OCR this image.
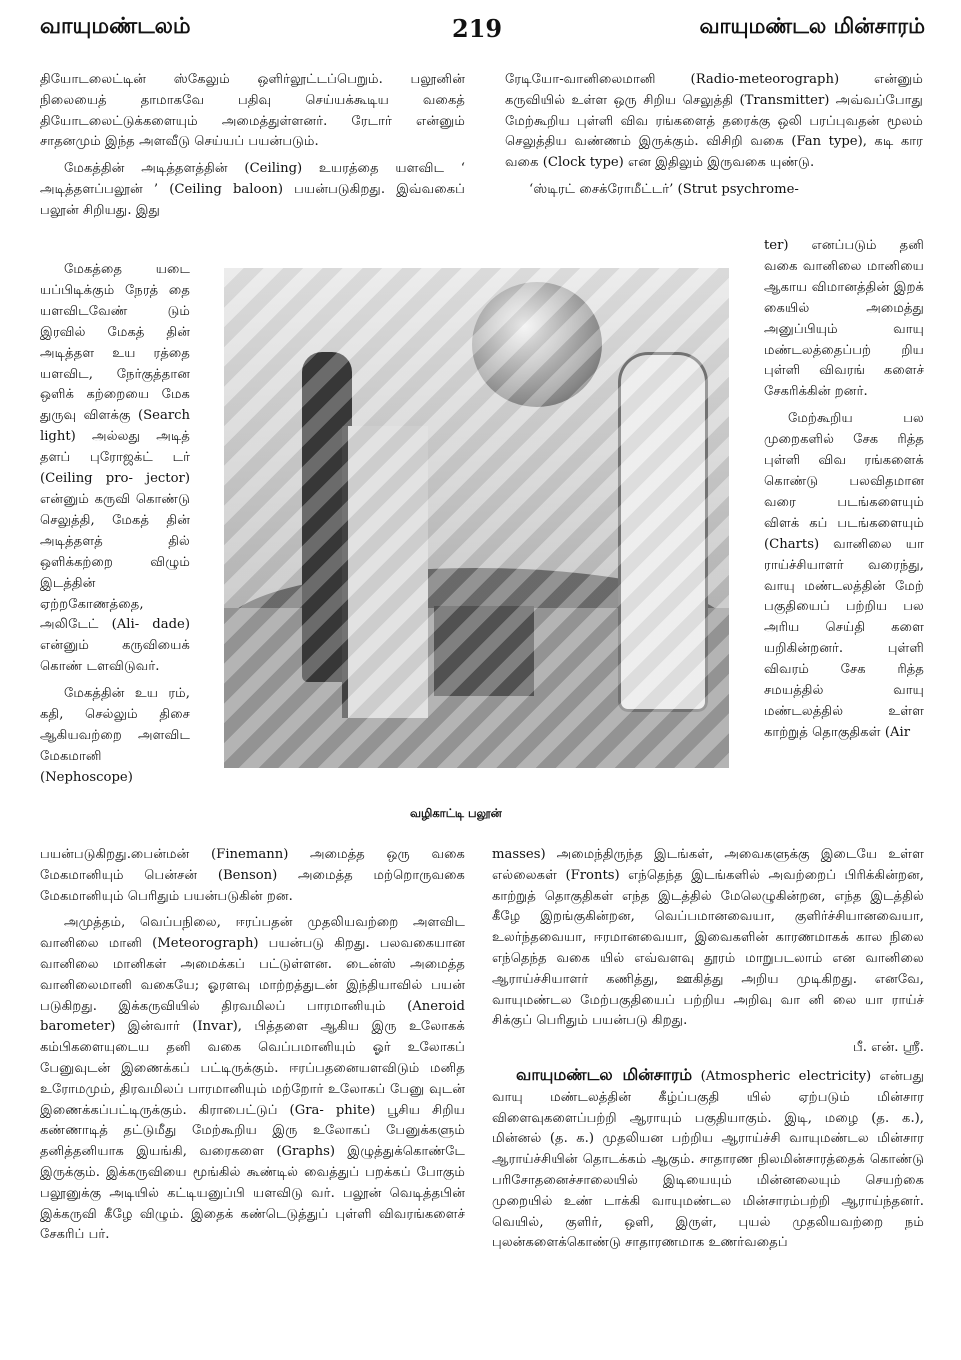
வாயுமண்டலம்	219	வாயுமண்டல மின்சாரம்

தியோடலைட்டின் ஸ்கேலும் ஒளிர்லூட்டப்பெறும். பலூனின் நிலையைத் தாமாகவே பதிவு செய்யக்கூடிய வகைத் தியோடலைட்டுக்களையும் அமைத்துள்ளனர். ரேடார் என்னும் சாதனமும் இந்த அளவீடு செய்யப் பயன்படும்.

மேகத்தின் அடித்தளத்தின் (Ceiling) உயரத்தை யளவிட ‘ அடித்தளப்பலூன் ’ (Ceiling baloon) பயன்படுகிறது. இவ்வகைப் பலூன் சிறியது. இது

மேகத்தை யடை யப்பிடிக்கும் நேரத் தை யளவிடவேண் டும் இரவில் மேகத் தின் அடித்தள உய ரத்தை யளவிட, நேர்குத்தான ஒளிக் கற்றையை மேக துருவு விளக்கு (Search light) அல்லது அடித் தளப் புரோஜக்ட் டர் (Ceiling pro- jector) என்னும் கருவி கொண்டு செலுத்தி, மேகத் தின் அடித்தளத் தில் ஒளிக்கற்றை விழும் இடத்தின் ஏற்றகோணத்தை, அலிடேட் (Ali- dade) என்னும் கருவியைக் கொண் டளவிடுவர்.

மேகத்தின் உய ரம், கதி, செல்லும் திசை ஆகியவற்றை அளவிட மேகமானி (Nephoscope)

வழிகாட்டி பலூன்

பயன்படுகிறது.பைன்மன் (Finemann) அமைத்த ஒரு வகை மேகமானியும் பென்சன் (Benson) அமைத்த மற்றொருவகை மேகமானியும் பெரிதும் பயன்படுகின் றன.

அமுத்தம், வெப்பநிலை, ஈரப்பதன் முதலியவற்றை அளவிட வானிலை மானி (Meteorograph) பயன்படு கிறது. பலவகையான வானிலை மானிகள் அமைக்கப் பட்டுள்ளன. டைன்ஸ் அமைத்த வானிலைமானி வகையே; ஓரளவு மாற்றத்துடன் இந்தியாவில் பயன் படுகிறது. இக்கருவியில் திரவமிலப் பாரமானியும் (Aneroid barometer) இன்வார் (Invar), பித்தளை ஆகிய இரு உலோகக் கம்பிகளையுடைய தனி வகை வெப்பமானியும் ஓர் உலோகப் பேனுவுடன் இணைக்கப் பட்டிருக்கும். ஈரப்பதனையளவிடும் மனித உரோமமும், திரவமிலப் பாரமானியும் மற்றோர் உலோகப் பேனு வுடன் இணைக்கப்பட்டிருக்கும். கிராபைட்டுப் (Gra- phite) பூசிய சிறிய கண்ணாடித் தட்டுமீது மேற்கூறிய இரு உலோகப் பேனுக்களும் தனித்தனியாக இயங்கி, வரைகளை (Graphs) இழுத்துக்கொண்டே இருக்கும். இக்கருவியை மூங்கில் கூண்டில் வைத்துப் பறக்கப் போகும் பலூனுக்கு அடியில் கட்டியனுப்பி யளவிடு வர். பலூன் வெடித்தபின் இக்கருவி கீழே விழும். இதைக் கண்டெடுத்துப் புள்ளி விவரங்களைச் சேகரிப் பர்.

ரேடியோ-வானிலைமானி (Radio-meteorograph) என்னும் கருவியில் உள்ள ஒரு சிறிய செலுத்தி (Transmitter) அவ்வப்போது மேற்கூறிய புள்ளி விவ ரங்களைத் தரைக்கு ஒலி பரப்புவதன் மூலம் செலுத்திய வண்ணம் இருக்கும். விசிறி வகை (Fan type), கடி கார வகை (Clock type) என இதிலும் இருவகை யுண்டு.

‘ஸ்டிரட் சைக்ரோமீட்டர்’ (Strut psychrome-

ter) எனப்படும் தனி வகை வானிலை மானியை ஆகாய விமானத்தின் இறக் கையில் அமைத்து அனுப்பியும் வாயு மண்டலத்தைப்பற் றிய புள்ளி விவரங் களைச் சேகரிக்கின் றனர்.

மேற்கூறிய பல முறைகளில் சேக ரித்த புள்ளி விவ ரங்களைக் கொண்டு பலவிதமான வரை படங்களையும் விளக் கப் படங்களையும் (Charts) வானிலை யா ராய்ச்சியாளர் வரைந்து, வாயு மண்டலத்தின் மேற் பகுதியைப் பற்றிய பல அரிய செய்தி களை யறிகின்றனர். புள்ளி விவரம் சேக ரித்த சமயத்தில் வாயு மண்டலத்தில் உள்ள காற்றுத் தொகுதிகள் (Air

masses) அமைந்திருந்த இடங்கள், அவைகளுக்கு இடையே உள்ள எல்லைகள் (Fronts) எந்தெந்த இடங்களில் அவற்றைப் பிரிக்கின்றன, காற்றுத் தொகுதிகள் எந்த இடத்தில் மேலெழுகின்றன, எந்த இடத்தில் கீழே இறங்குகின்றன, வெப்பமானவையா, குளிர்ச்சியானவையா, உலர்ந்தவையா, ஈரமானவையா, இவைகளின் காரணமாகக் கால நிலை எந்தெந்த வகை யில் எவ்வளவு தூரம் மாறுபடலாம் என வானிலை ஆராய்ச்சியாளர் கணித்து, ஊகித்து அறிய முடிகிறது. எனவே, வாயுமண்டல மேற்பகுதியைப் பற்றிய அறிவு வா னி லை யா ராய்ச் சிக்குப் பெரிதும் பயன்படு கிறது.

பீ. என். ஸ்ரீ.

வாயுமண்டல மின்சாரம் (Atmospheric electricity) என்பது வாயு மண்டலத்தின் கீழ்ப்பகுதி யில் ஏற்படும் மின்சார விளைவுகளைப்பற்றி ஆராயும் பகுதியாகும். இடி, மழை (த. க.), மின்னல் (த. க.) முதலியன பற்றிய ஆராய்ச்சி வாயுமண்டல மின்சார ஆராய்ச்சியின் தொடக்கம் ஆகும். சாதாரண நிலமின்சாரத்தைக் கொண்டு பரிசோதனைச்சாலையில் இடியையும் மின்னலையும் செயற்கை முறையில் உண் டாக்கி வாயுமண்டல மின்சாரம்பற்றி ஆராய்ந்தனர். வெயில், குளிர், ஒளி, இருள், புயல் முதலியவற்றை நம் புலன்களைக்கொண்டு சாதாரணமாக உணர்வதைப்
